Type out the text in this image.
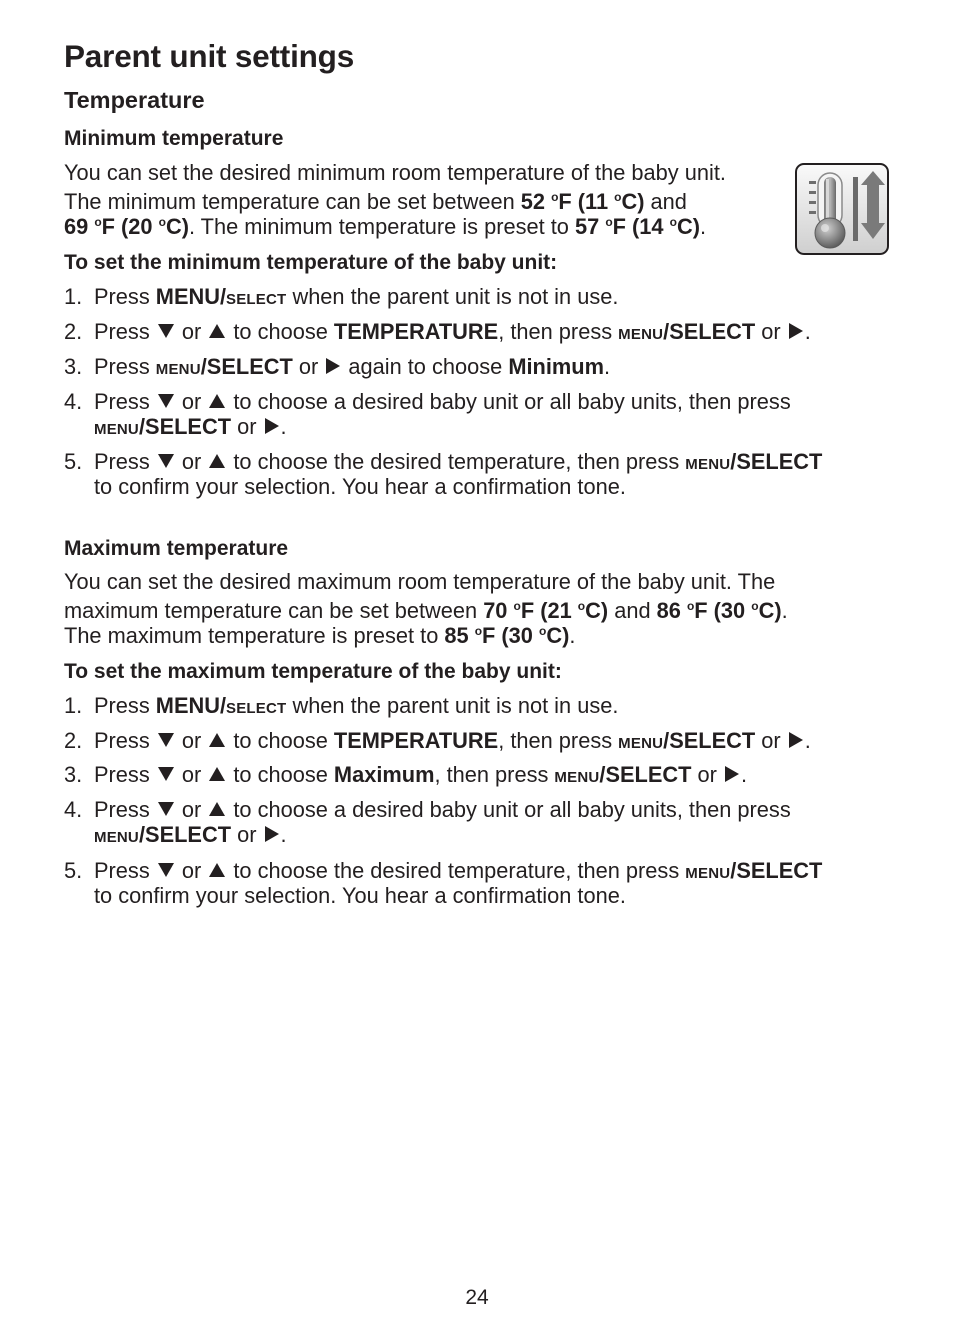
Parent unit settings
Temperature
Minimum temperature
You can set the desired minimum room temperature of the baby unit.
The minimum temperature can be set between 52 $^o$F (11 $^o$C) and
69 $^o$F (20 $^o$C). The minimum temperature is preset to 57 $^o$F (14 $^o$C).
To set the minimum temperature of the baby unit:
1. Press MENU/SELECT when the parent unit is not in use.
2. Press  or  to choose TEMPERATURE, then press MENU/SELECT or .
3. Press MENU/SELECT or  again to choose Minimum.
4. Press  or  to choose a desired baby unit or all baby units, then press
MENU/SELECT or .
5. Press  or  to choose the desired temperature, then press MENU/SELECT
to confirm your selection. You hear a confirmation tone.
Maximum temperature
You can set the desired maximum room temperature of the baby unit. The
maximum temperature can be set between 70 $^o$F (21 $^o$C) and 86 $^o$F (30 $^o$C).
The maximum temperature is preset to 85 $^o$F (30 $^o$C).
To set the maximum temperature of the baby unit:
1. Press MENU/SELECT when the parent unit is not in use.
2. Press  or  to choose TEMPERATURE, then press MENU/SELECT or .
3. Press  or  to choose Maximum, then press MENU/SELECT or .
4. Press  or  to choose a desired baby unit or all baby units, then press
MENU/SELECT or .
5. Press  or  to choose the desired temperature, then press MENU/SELECT
to confirm your selection. You hear a confirmation tone.
24
